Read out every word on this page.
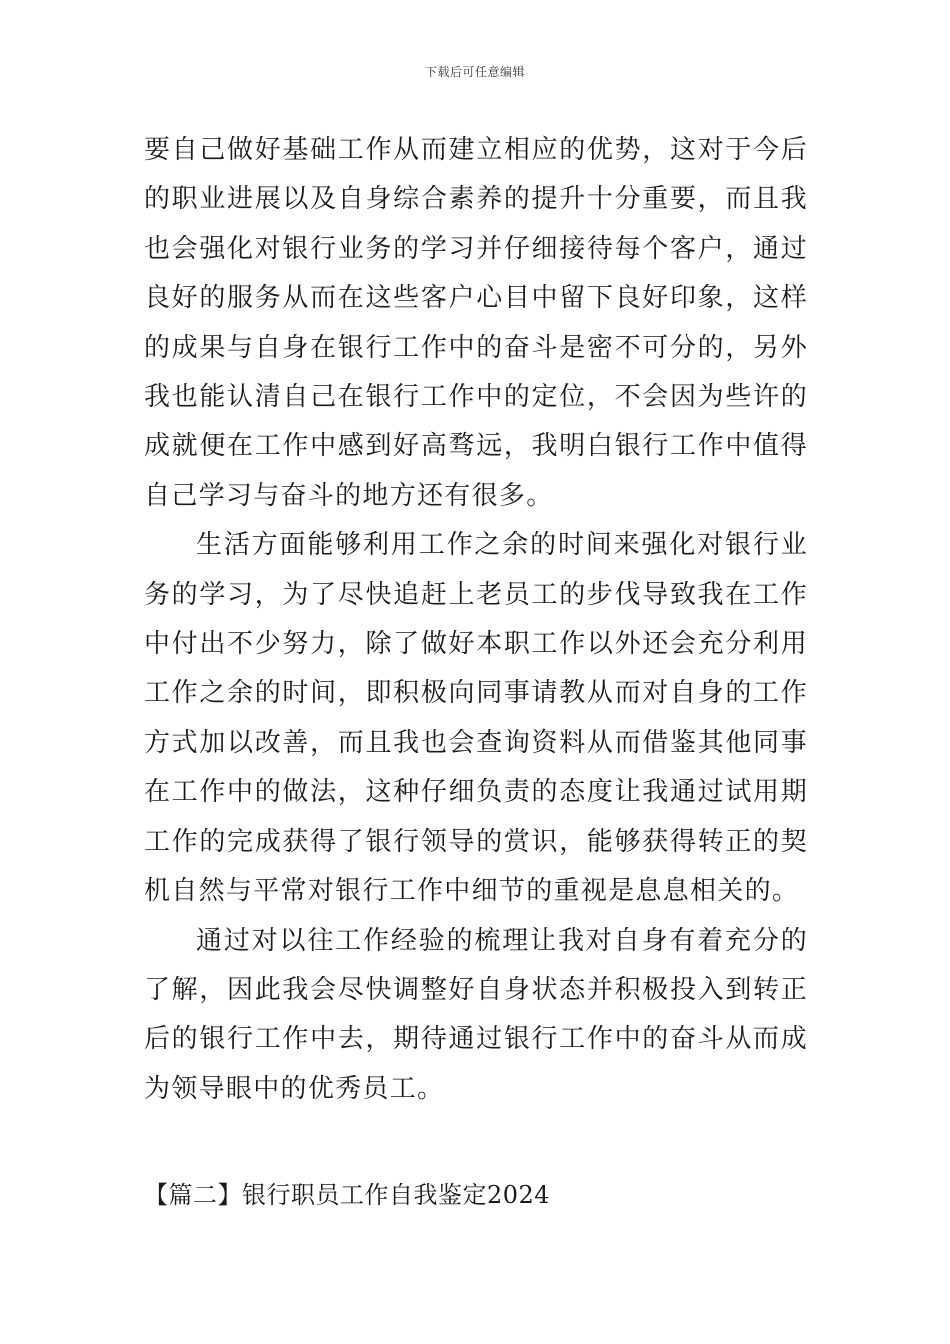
下载后可任意编辑

要自己做好基础工作从而建立相应的优势，这对于今后的职业进展以及自身综合素养的提升十分重要，而且我也会强化对银行业务的学习并仔细接待每个客户，通过良好的服务从而在这些客户心目中留下良好印象，这样的成果与自身在银行工作中的奋斗是密不可分的，另外我也能认清自己在银行工作中的定位，不会因为些许的成就便在工作中感到好高骛远，我明白银行工作中值得自己学习与奋斗的地方还有很多。

生活方面能够利用工作之余的时间来强化对银行业务的学习，为了尽快追赶上老员工的步伐导致我在工作中付出不少努力，除了做好本职工作以外还会充分利用工作之余的时间，即积极向同事请教从而对自身的工作方式加以改善，而且我也会查询资料从而借鉴其他同事在工作中的做法，这种仔细负责的态度让我通过试用期工作的完成获得了银行领导的赏识，能够获得转正的契机自然与平常对银行工作中细节的重视是息息相关的。

通过对以往工作经验的梳理让我对自身有着充分的了解，因此我会尽快调整好自身状态并积极投入到转正后的银行工作中去，期待通过银行工作中的奋斗从而成为领导眼中的优秀员工。

【篇二】银行职员工作自我鉴定2024
